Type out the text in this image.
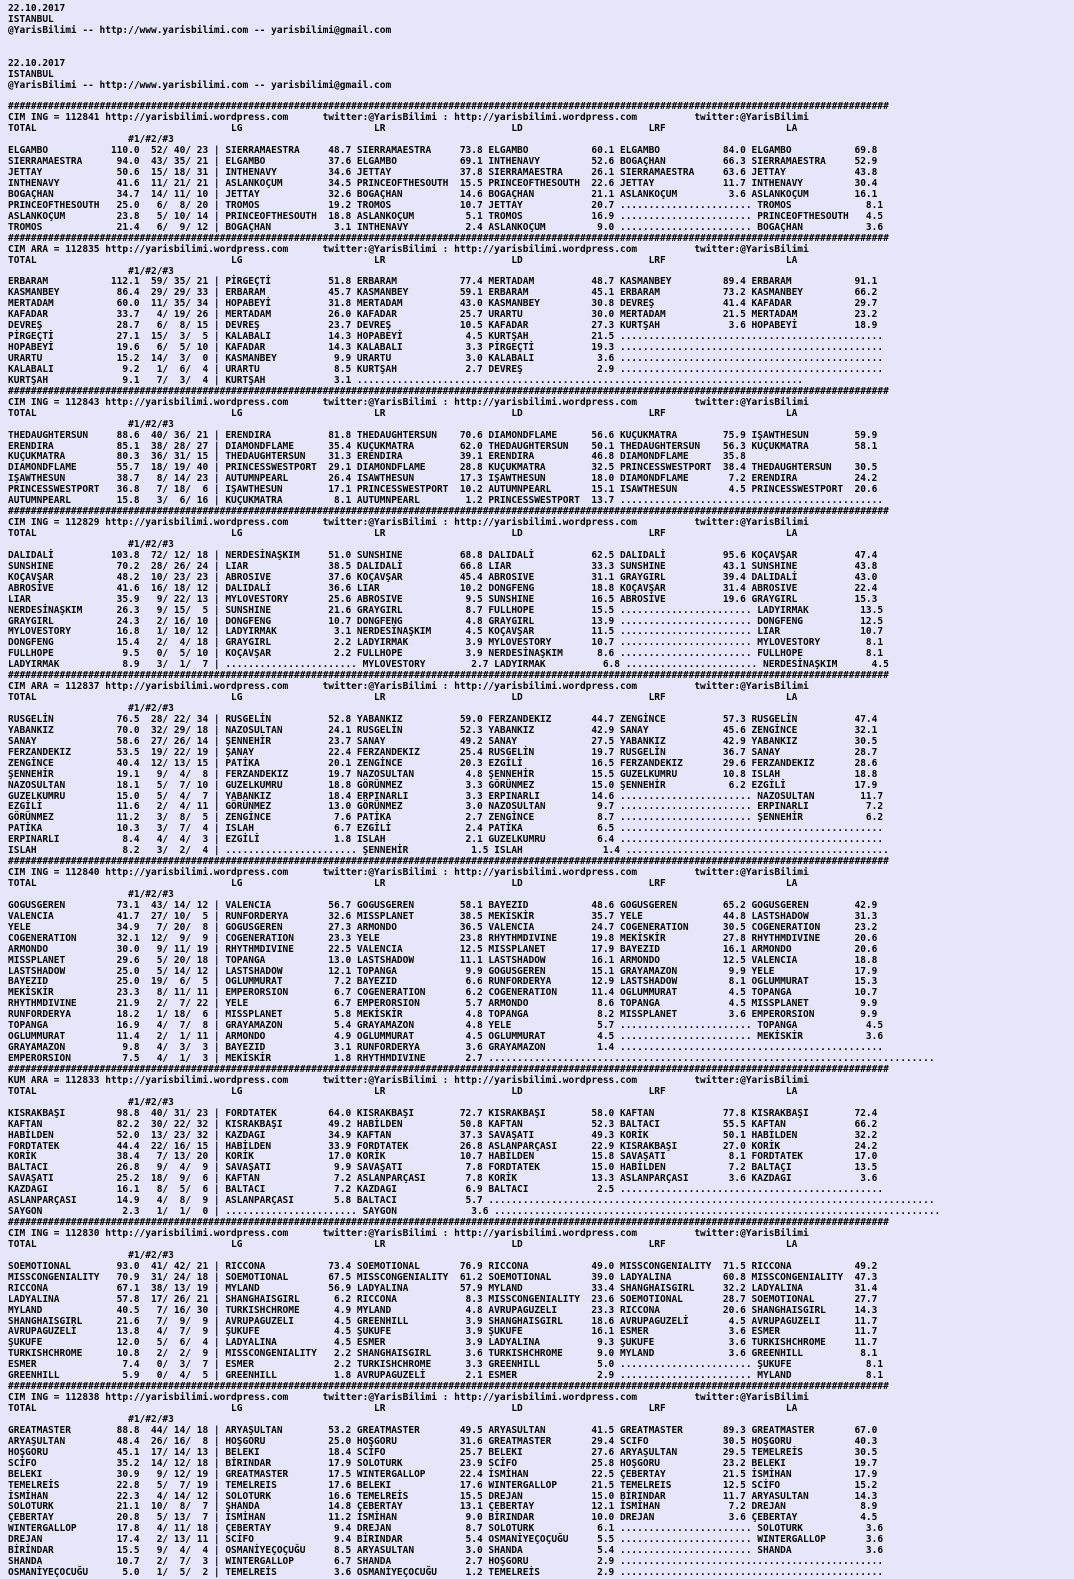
22.10.2017
ISTANBUL
@YarisBilimi -- http://www.yarisbilimi.com -- yarisbilimi@gmail.com
22.10.2017
ISTANBUL
@YarisBilimi -- http://www.yarisbilimi.com -- yarisbilimi@gmail.com
##########################################################################################################################################################
CIM ING = 112841 http://yarisbilimi.wordpress.com      twitter:@YarisBilimi : http://yarisbilimi.wordpress.com          twitter:@YarisBilimi
TOTAL                                  LG                       LR                      LD                      LRF                     LA
#1/#2/#3
ELGAMBO           110.0  52/ 40/ 23 | SIERRAMAESTRA     48.7 SIERRAMAESTRA     73.8 ELGAMBO           60.1 ELGAMBO           84.0 ELGAMBO           69.8
SIERRAMAESTRA      94.0  43/ 35/ 21 | ELGAMBO           37.6 ELGAMBO           69.1 INTHENAVY         52.6 BOGAÇHAN          66.3 SIERRAMAESTRA     52.9
JETTAY             50.6  15/ 18/ 31 | INTHENAVY         34.6 JETTAY            37.8 SIERRAMAESTRA     26.1 SIERRAMAESTRA     63.6 JETTAY            43.8
INTHENAVY          41.6  11/ 21/ 21 | ASLANKOÇUM        34.5 PRINCEOFTHESOUTH  15.5 PRINCEOFTHESOUTH  22.6 JETTAY            11.7 INTHENAVY         30.4
BOGAÇHAN           34.7  14/ 11/ 10 | JETTAY            32.6 BOGAÇHAN          14.6 BOGAÇHAN          21.1 ASLANKOÇUM         3.6 ASLANKOÇUM        16.1
PRINCEOFTHESOUTH   25.0   6/  8/ 20 | TROMOS            19.2 TROMOS            10.7 JETTAY            20.7 ....................... TROMOS             8.1
ASLANKOÇUM         23.8   5/ 10/ 14 | PRINCEOFTHESOUTH  18.8 ASLANKOÇUM         5.1 TROMOS            16.9 ....................... PRINCEOFTHESOUTH   4.5
TROMOS             21.4   6/  9/ 12 | BOGAÇHAN           3.1 INTHENAVY          2.4 ASLANKOÇUM         9.0 ....................... BOGAÇHAN           3.6
##########################################################################################################################################################
CIM ARA = 112835 http://yarisbilimi.wordpress.com      twitter:@YarisBilimi : http://yarisbilimi.wordpress.com          twitter:@YarisBilimi
TOTAL                                  LG                       LR                      LD                      LRF                     LA
#1/#2/#3
ERBARAM           112.1  59/ 35/ 21 | PİRGEÇTİ          51.8 ERBARAM           77.4 MERTADAM          48.7 KASMANBEY         89.4 ERBARAM           91.1
KASMANBEY          86.4  29/ 29/ 33 | ERBARAM           45.7 KASMANBEY         59.1 ERBARAM           45.1 ERBARAM           73.2 KASMANBEY         66.2
MERTADAM           60.0  11/ 35/ 34 | HOPABEYİ          31.8 MERTADAM          43.0 KASMANBEY         30.8 DEVREŞ            41.4 KAFADAR           29.7
KAFADAR            33.7   4/ 19/ 26 | MERTADAM          26.0 KAFADAR           25.7 URARTU            30.0 MERTADAM          21.5 MERTADAM          23.2
DEVREŞ             28.7   6/  8/ 15 | DEVREŞ            23.7 DEVREŞ            10.5 KAFADAR           27.3 KURTŞAH            3.6 HOPABEYİ          18.9
PİRGEÇTİ           27.1  15/  3/  5 | KALABALI          14.3 HOPABEYİ           4.5 KURTŞAH           21.5 ..............................................
HOPABEYİ           19.6   6/  5/ 10 | KAFADAR           14.3 KALABALI           3.3 PİRGEÇTİ          19.3 ..............................................
URARTU             15.2  14/  3/  0 | KASMANBEY          9.9 URARTU             3.0 KALABALI           3.6 ..............................................
KALABALI            9.2   1/  6/  4 | URARTU             8.5 KURTŞAH            2.7 DEVREŞ             2.9 ..............................................
KURTŞAH             9.1   7/  3/  4 | KURTŞAH            3.1 ..............................................................................
##########################################################################################################################################################
CIM ING = 112843 http://yarisbilimi.wordpress.com      twitter:@YarisBilimi : http://yarisbilimi.wordpress.com          twitter:@YarisBilimi
TOTAL                                  LG                       LR                      LD                      LRF                     LA
#1/#2/#3
THEDAUGHTERSUN     88.6  40/ 36/ 21 | ERENDIRA          81.8 THEDAUGHTERSUN    70.6 DIAMONDFLAME      56.6 KUÇUKMATRA        75.9 IŞAWTHESUN        59.9
ERENDIRA           85.1  38/ 28/ 27 | DIAMONDFLAME      35.4 KUÇUKMATRA        62.0 THEDAUGHTERSUN    50.1 THEDAUGHTERSUN    56.3 KUÇUKMATRA        58.1
KUÇUKMATRA         80.3  36/ 31/ 15 | THEDAUGHTERSUN    31.3 ERENDIRA          39.1 ERENDIRA          46.8 DIAMONDFLAME      35.8
DIAMONDFLAME       55.7  18/ 19/ 40 | PRINCESSWESTPORT  29.1 DIAMONDFLAME      28.8 KUÇUKMATRA        32.5 PRINCESSWESTPORT  38.4 THEDAUGHTERSUN    30.5
IŞAWTHESUN         38.7   8/ 14/ 23 | AUTUMNPEARL       26.4 ISAWTHESUN        17.3 IŞAWTHESUN        18.0 DIAMONDFLAME       7.2 ERENDIRA          24.2
PRINCESSWESTPORT   36.8   7/ 18/  6 | IŞAWTHESUN        17.1 PRINCESSWESTPORT  10.2 AUTUMNPEARL       15.1 ISAWTHESUN         4.5 PRINCESSWESTPORT  20.6
AUTUMNPEARL        15.8   3/  6/ 16 | KUÇUKMATRA         8.1 AUTUMNPEARL        1.2 PRINCESSWESTPORT  13.7 ..............................................
##########################################################################################################################################################
CIM ING = 112829 http://yarisbilimi.wordpress.com      twitter:@YarisBilimi : http://yarisbilimi.wordpress.com          twitter:@YarisBilimi
TOTAL                                  LG                       LR                      LD                      LRF                     LA
#1/#2/#3
DALIDALİ          103.8  72/ 12/ 18 | NERDESİNAŞKIM     51.0 SUNSHINE          68.8 DALIDALİ          62.5 DALIDALİ          95.6 KOÇAVŞAR          47.4
SUNSHINE           70.2  28/ 26/ 24 | LIAR              38.5 DALIDALİ          66.8 LIAR              33.3 SUNSHINE          43.1 SUNSHINE          43.8
KOÇAVŞAR           48.2  10/ 23/ 23 | ABROSIVE          37.6 KOÇAVŞAR          45.4 ABROSIVE          31.1 GRAYGIRL          39.4 DALIDALİ          43.0
ABROSİVE           41.6  16/ 18/ 12 | DALIDALİ          36.6 LIAR              10.2 DONGFENG          18.8 KOÇAVŞAR          31.4 ABROSIVE          22.4
LIAR               35.9   9/ 22/ 13 | MYLOVESTORY       25.6 ABROSIVE           9.5 SUNSHINE          16.5 ABROSİVE          19.6 GRAYGIRL          15.3
NERDESİNAŞKIM      26.3   9/ 15/  5 | SUNSHINE          21.6 GRAYGIRL           8.7 FULLHOPE          15.5 ....................... LADYIRMAK         13.5
GRAYGIRL           24.3   2/ 16/ 10 | DONGFENG          10.7 DONGFENG           4.8 GRAYGIRL          13.9 ....................... DONGFENG          12.5
MYLOVESTORY        16.8   1/ 10/ 12 | LADYIRMAK          3.1 NERDESİNAŞKIM      4.5 KOÇAVŞAR          11.5 ....................... LIAR              10.7
DONGFENG           15.4   2/  4/ 18 | GRAYGIRL           2.2 LADYIRMAK          3.9 MYLOVESTORY       10.7 ....................... MYLOVESTORY        8.1
FULLHOPE            9.5   0/  5/ 10 | KOÇAVŞAR           2.2 FULLHOPE           3.9 NERDESİNAŞKIM      8.6 ....................... FULLHOPE           8.1
LADYIRMAK           8.9   3/  1/  7 | ....................... MYLOVESTORY        2.7 LADYIRMAK          6.8 ....................... NERDESİNAŞKIM      4.5
##########################################################################################################################################################
CIM ARA = 112837 http://yarisbilimi.wordpress.com      twitter:@YarisBilimi : http://yarisbilimi.wordpress.com          twitter:@YarisBilimi
TOTAL                                  LG                       LR                      LD                      LRF                     LA
#1/#2/#3
RUSGELİN           76.5  28/ 22/ 34 | RUSGELİN          52.8 YABANKIZ          59.0 FERZANDEKIZ       44.7 ZENGİNCE          57.3 RUSGELİN          47.4
YABANKIZ           70.0  32/ 29/ 18 | NAZOSULTAN        24.1 RUSGELİN          52.3 YABANKIZ          42.9 SANAY             45.6 ZENGİNCE          32.1
SANAY              58.6  27/ 26/ 14 | ŞENNEHİR          23.7 SANAY             49.2 SANAY             27.5 YABANKIZ          42.9 YABANKIZ          30.5
FERZANDEKIZ        53.5  19/ 22/ 19 | ŞANAY             22.4 FERZANDEKIZ       25.4 RUSGELİN          19.7 RUSGELİN          36.7 SANAY             28.7
ZENGİNCE           40.4  12/ 13/ 15 | PATİKA            20.1 ZENGİNCE          20.3 EZGİLİ            16.5 FERZANDEKIZ       29.6 FERZANDEKIZ       28.6
ŞENNEHİR           19.1   9/  4/  8 | FERZANDEKIZ       19.7 NAZOSULTAN         4.8 ŞENNEHİR          15.5 GUZELKUMRU        10.8 ISLAH             18.8
NAZOSULTAN         18.1   5/  7/ 10 | GUZELKUMRU        18.8 GÖRÜNMEZ           3.3 GÖRÜNMEZ          15.0 ŞENNEHİR           6.2 EZGİLİ            17.9
GUZELKUMRU         15.0   5/  4/  7 | YABANKIZ          18.4 ERPINARLI          3.3 ERPINARLI         14.6 ....................... NAZOSULTAN        11.7
EZGİLİ             11.6   2/  4/ 11 | GÖRÜNMEZ          13.0 GÖRÜNMEZ           3.0 NAZOSULTAN         9.7 ....................... ERPINARLI          7.2
GÖRÜNMEZ           11.2   3/  8/  5 | ZENGİNCE           7.6 PATİKA             2.7 ZENGİNCE           8.7 ....................... ŞENNEHİR           6.2
PATİKA             10.3   3/  7/  4 | ISLAH              6.7 EZGİLİ             2.4 PATİKA             6.5 ..............................................
ERPINARLI           8.4   4/  4/  3 | EZGİLİ             1.8 ISLAH              2.1 GUZELKUMRU         6.4 ..............................................
ISLAH               8.2   3/  2/  4 | ....................... ŞENNEHİR           1.5 ISLAH              1.4 ..............................................
##########################################################################################################################################################
CIM ING = 112840 http://yarisbilimi.wordpress.com      twitter:@YarisBilimi : http://yarisbilimi.wordpress.com          twitter:@YarisBilimi
TOTAL                                  LG                       LR                      LD                      LRF                     LA
#1/#2/#3
GOGUSGEREN         73.1  43/ 14/ 12 | VALENCIA          56.7 GOGUSGEREN        58.1 BAYEZID           48.6 GOGUSGEREN        65.2 GOGUSGEREN        42.9
VALENCIA           41.7  27/ 10/  5 | RUNFORDERYA       32.6 MISSPLANET        38.5 MEKİSKİR          35.7 YELE              44.8 LASTSHADOW        31.3
YELE               34.9   7/ 20/  8 | GOGUSGEREN        27.3 ARMONDO           36.5 VALENCIA          24.7 COGENERATION      30.5 COGENERATION      23.2
COGENERATION       32.1  12/  9/  9 | COGENERATION      23.3 YELE              23.8 RHYTHMDIVINE      19.8 MEKİSKİR          27.8 RHYTHMDIVINE      20.6
ARMONDO            30.0   9/ 11/ 19 | RHYTHMDIVINE      22.5 VALENCIA          12.5 MISSPLANET        17.9 BAYEZID           16.1 ARMONDO           20.6
MISSPLANET         29.6   5/ 20/ 18 | TOPANGA           13.0 LASTSHADOW        11.1 LASTSHADOW        16.1 ARMONDO           12.5 VALENCIA          18.8
LASTSHADOW         25.0   5/ 14/ 12 | LASTSHADOW        12.1 TOPANGA            9.9 GOGUSGEREN        15.1 GRAYAMAZON         9.9 YELE              17.9
BAYEZID            25.0  19/  6/  5 | OGLUMMURAT         7.2 BAYEZID            6.6 RUNFORDERYA       12.9 LASTSHADOW         8.1 OGLUMMURAT        15.3
MEKİSKİR           23.3   8/ 11/ 11 | EMPERORSION        6.7 COGENERATION       6.2 COGENERATION      11.4 OGLUMMURAT         4.5 TOPANGA           10.7
RHYTHMDIVINE       21.9   2/  7/ 22 | YELE               6.7 EMPERORSION        5.7 ARMONDO            8.6 TOPANGA            4.5 MISSPLANET         9.9
RUNFORDERYA        18.2   1/ 18/  6 | MISSPLANET         5.8 MEKİSKİR           4.8 TOPANGA            8.2 MISSPLANET         3.6 EMPERORSION        9.9
TOPANGA            16.9   4/  7/  8 | GRAYAMAZON         5.4 GRAYAMAZON         4.8 YELE               5.7 ....................... TOPANGA            4.5
OGLUMMURAT         11.4   2/  1/ 11 | ARMONDO            4.9 OGLUMMURAT         4.5 OGLUMMURAT         4.5 ....................... MEKİSKİR           3.6
GRAYAMAZON          9.8   4/  3/  3 | BAYEZID            3.1 RUNFORDERYA        3.6 GRAYAMAZON         1.4 ..............................................
EMPERORSION         7.5   4/  1/  3 | MEKİSKİR           1.8 RHYTHMDIVINE       2.7 ..............................................................................
##########################################################################################################################################################
KUM ARA = 112833 http://yarisbilimi.wordpress.com      twitter:@YarisBilimi : http://yarisbilimi.wordpress.com          twitter:@YarisBilimi
TOTAL                                  LG                       LR                      LD                      LRF                     LA
#1/#2/#3
KISRAKBAŞI         98.8  40/ 31/ 23 | FORDTATEK         64.0 KISRAKBAŞI        72.7 KISRAKBAŞI        58.0 KAFTAN            77.8 KISRAKBAŞI        72.4
KAFTAN             82.2  30/ 22/ 32 | KISRAKBAŞI        49.2 HABİLDEN          50.8 KAFTAN            52.3 BALTACI           55.5 KAFTAN            66.2
HABİLDEN           52.0  13/ 23/ 32 | KAZDAGI           34.9 KAFTAN            37.3 SAVAŞATI          49.3 KORİK             50.1 HABİLDEN          32.2
FORDTATEK          44.4  22/ 16/ 15 | HABİLDEN          33.9 FORDTATEK         26.8 ASLANPARÇASI      22.9 KISRAKBAŞI        27.0 KORİK             24.2
KORİK              38.4   7/ 13/ 20 | KORİK             17.0 KORİK             10.7 HABİLDEN          15.8 SAVAŞATI           8.1 FORDTATEK         17.0
BALTACI            26.8   9/  4/  9 | SAVAŞATI           9.9 SAVAŞATI           7.8 FORDTATEK         15.0 HABİLDEN           7.2 BALTAÇI           13.5
SAVAŞATI           25.2  18/  9/  6 | KAFTAN             7.2 ASLANPARÇASI       7.8 KORİK             13.3 ASLANPARÇASI       3.6 KAZDAGI            3.6
KAZDAGI            16.1   8/  5/  6 | BALTACI            7.2 KAZDAGI            6.9 BALTACI            2.5 ..............................................
ASLANPARÇASI       14.9   4/  8/  9 | ASLANPARÇASI       5.8 BALTACI            5.7 ..............................................................................
SAYGON              2.3   1/  1/  0 | ....................... SAYGON             3.6 ..............................................................................
##########################################################################################################################################################
CIM ING = 112830 http://yarisbilimi.wordpress.com      twitter:@YarisBilimi : http://yarisbilimi.wordpress.com          twitter:@YarisBilimi
TOTAL                                  LG                       LR                      LD                      LRF                     LA
#1/#2/#3
SOEMOTIONAL        93.0  41/ 42/ 21 | RICCONA           73.4 SOEMOTIONAL       76.9 RICCONA           49.0 MISSCONGENIALITY  71.5 RICCONA           49.2
MISSCONGENIALITY   70.9  31/ 24/ 18 | SOEMOTIONAL       67.5 MISSCONGENIALITY  61.2 SOEMOTIONAL       39.0 LADYALINA         60.8 MISSCONGENIALITY  47.3
RICCONA            67.1  38/ 13/ 19 | MYLAND            56.9 LADYALINA         57.9 MYLAND            33.4 SHANGHAISGIRL     32.2 LADYALINA         31.4
LADYALINA          57.8  17/ 26/ 21 | SHANGHAISGIRL      6.2 RICCONA            8.3 MISSCONGENIALITY  23.6 SOEMOTIONAL       28.7 SOEMOTIONAL       27.7
MYLAND             40.5   7/ 16/ 30 | TURKISHCHROME      4.9 MYLAND             4.8 AVRUPAGUZELI      23.3 RICCONA           20.6 SHANGHAISGIRL     14.3
SHANGHAISGIRL      21.6   7/  9/  9 | AVRUPAGUZELI       4.5 GREENHILL          3.9 SHANGHAISGIRL     18.6 AVRUPAGUZELİ       4.5 AVRUPAGUZELI      11.7
AVRUPAGUZELİ       13.8   4/  7/  9 | ŞUKUFE             4.5 ŞUKUFE             3.9 ŞUKUFE            16.1 ESMER              3.6 ESMER             11.7
ŞUKUFE             12.0   5/  6/  4 | LADYALINA          4.5 ESMER              3.9 LADYALINA          9.3 ŞUKUFE             3.6 TURKISHCHROME     11.7
TURKISHCHROME      10.8   2/  2/  9 | MISSCONGENIALITY   2.2 SHANGHAISGIRL      3.6 TURKISHCHROME      9.0 MYLAND             3.6 GREENHILL          8.1
ESMER               7.4   0/  3/  7 | ESMER              2.2 TURKISHCHROME      3.3 GREENHILL          5.0 ....................... ŞUKUFE             8.1
GREENHILL           5.9   0/  4/  5 | GREENHILL          1.8 AVRUPAGUZELİ       2.1 ESMER              2.9 ....................... MYLAND             8.1
##########################################################################################################################################################
CIM ING = 112838 http://yarisbilimi.wordpress.com      twitter:@YarisBilimi : http://yarisbilimi.wordpress.com          twitter:@YarisBilimi
TOTAL                                  LG                       LR                      LD                      LRF                     LA
#1/#2/#3
GREATMASTER        88.8  44/ 14/ 18 | ARYAŞULTAN        53.2 GREATMASTER       49.5 ARYASULTAN        41.5 GREATMASTER       89.3 GREATMASTER       67.0
ARYAŞULTAN         48.4  26/ 16/  8 | HOŞGORU           25.0 HOŞGORU           31.6 GREATMASTER       29.4 SCIFO             30.5 HOŞGORU           40.3
HOŞGORU            45.1  17/ 14/ 13 | BELEKI            18.4 SCİFO             25.7 BELEKI            27.6 ARYAŞULTAN        29.5 TEMELREİS         30.5
SCİFO              35.2  14/ 12/ 18 | BİRINDAR          17.9 SOLOTURK          23.9 SCİFO             25.8 HOŞGORU           23.2 BELEKI            19.7
BELEKI             30.9   9/ 12/ 19 | GREATMASTER       17.5 WINTERGALLOP      22.4 İSMİHAN           22.5 ÇEBERTAY          21.5 İSMİHAN           17.9
TEMELREİS          22.8   5/  7/ 19 | TEMELREIS         17.6 BELEKI            17.6 WINTERGALLOP      21.5 TEMELREIS         12.5 SCİFO             15.2
İSMİHAN            22.3   4/ 14/ 12 | SOLOTURK          16.6 TEMELREİS         15.5 DREJAN            15.0 BİRINDAR          11.7 ARYASULTAN        14.3
SOLOTURK           21.1  10/  8/  7 | ŞHANDA            14.8 ÇEBERTAY          13.1 ÇEBERTAY          12.1 İSMİHAN            7.2 DREJAN             8.9
ÇEBERTAY           20.8   5/ 13/  7 | İSMİHAN           11.2 İSMİHAN            9.0 BİRINDAR          10.0 DREJAN             3.6 ÇEBERTAY           4.5
WINTERGALLOP       17.8   4/ 11/ 18 | ÇEBERTAY           9.4 DREJAN             8.7 SOLOTURK           6.1 ....................... SOLOTURK           3.6
DREJAN             17.4   2/ 13/ 11 | SCİFO              9.4 BİRINDAR           5.4 OSMANİYEÇOÇUĞU     5.5 ....................... WINTERGALLOP       3.6
BİRİNDAR           15.5   9/  4/  4 | OSMANİYEÇOÇUĞU     8.5 ARYASULTAN         3.0 SHANDA             5.4 ....................... SHANDA             3.6
SHANDA             10.7   2/  7/  3 | WINTERGALLOP       6.7 SHANDA             2.7 HOŞGORU            2.9 ..............................................
OSMANİYEÇOCUĞU      5.0   1/  5/  2 | TEMELREİS          3.6 OSMANİYEÇOCUĞU     1.2 TEMELREİS          2.9 ..............................................
